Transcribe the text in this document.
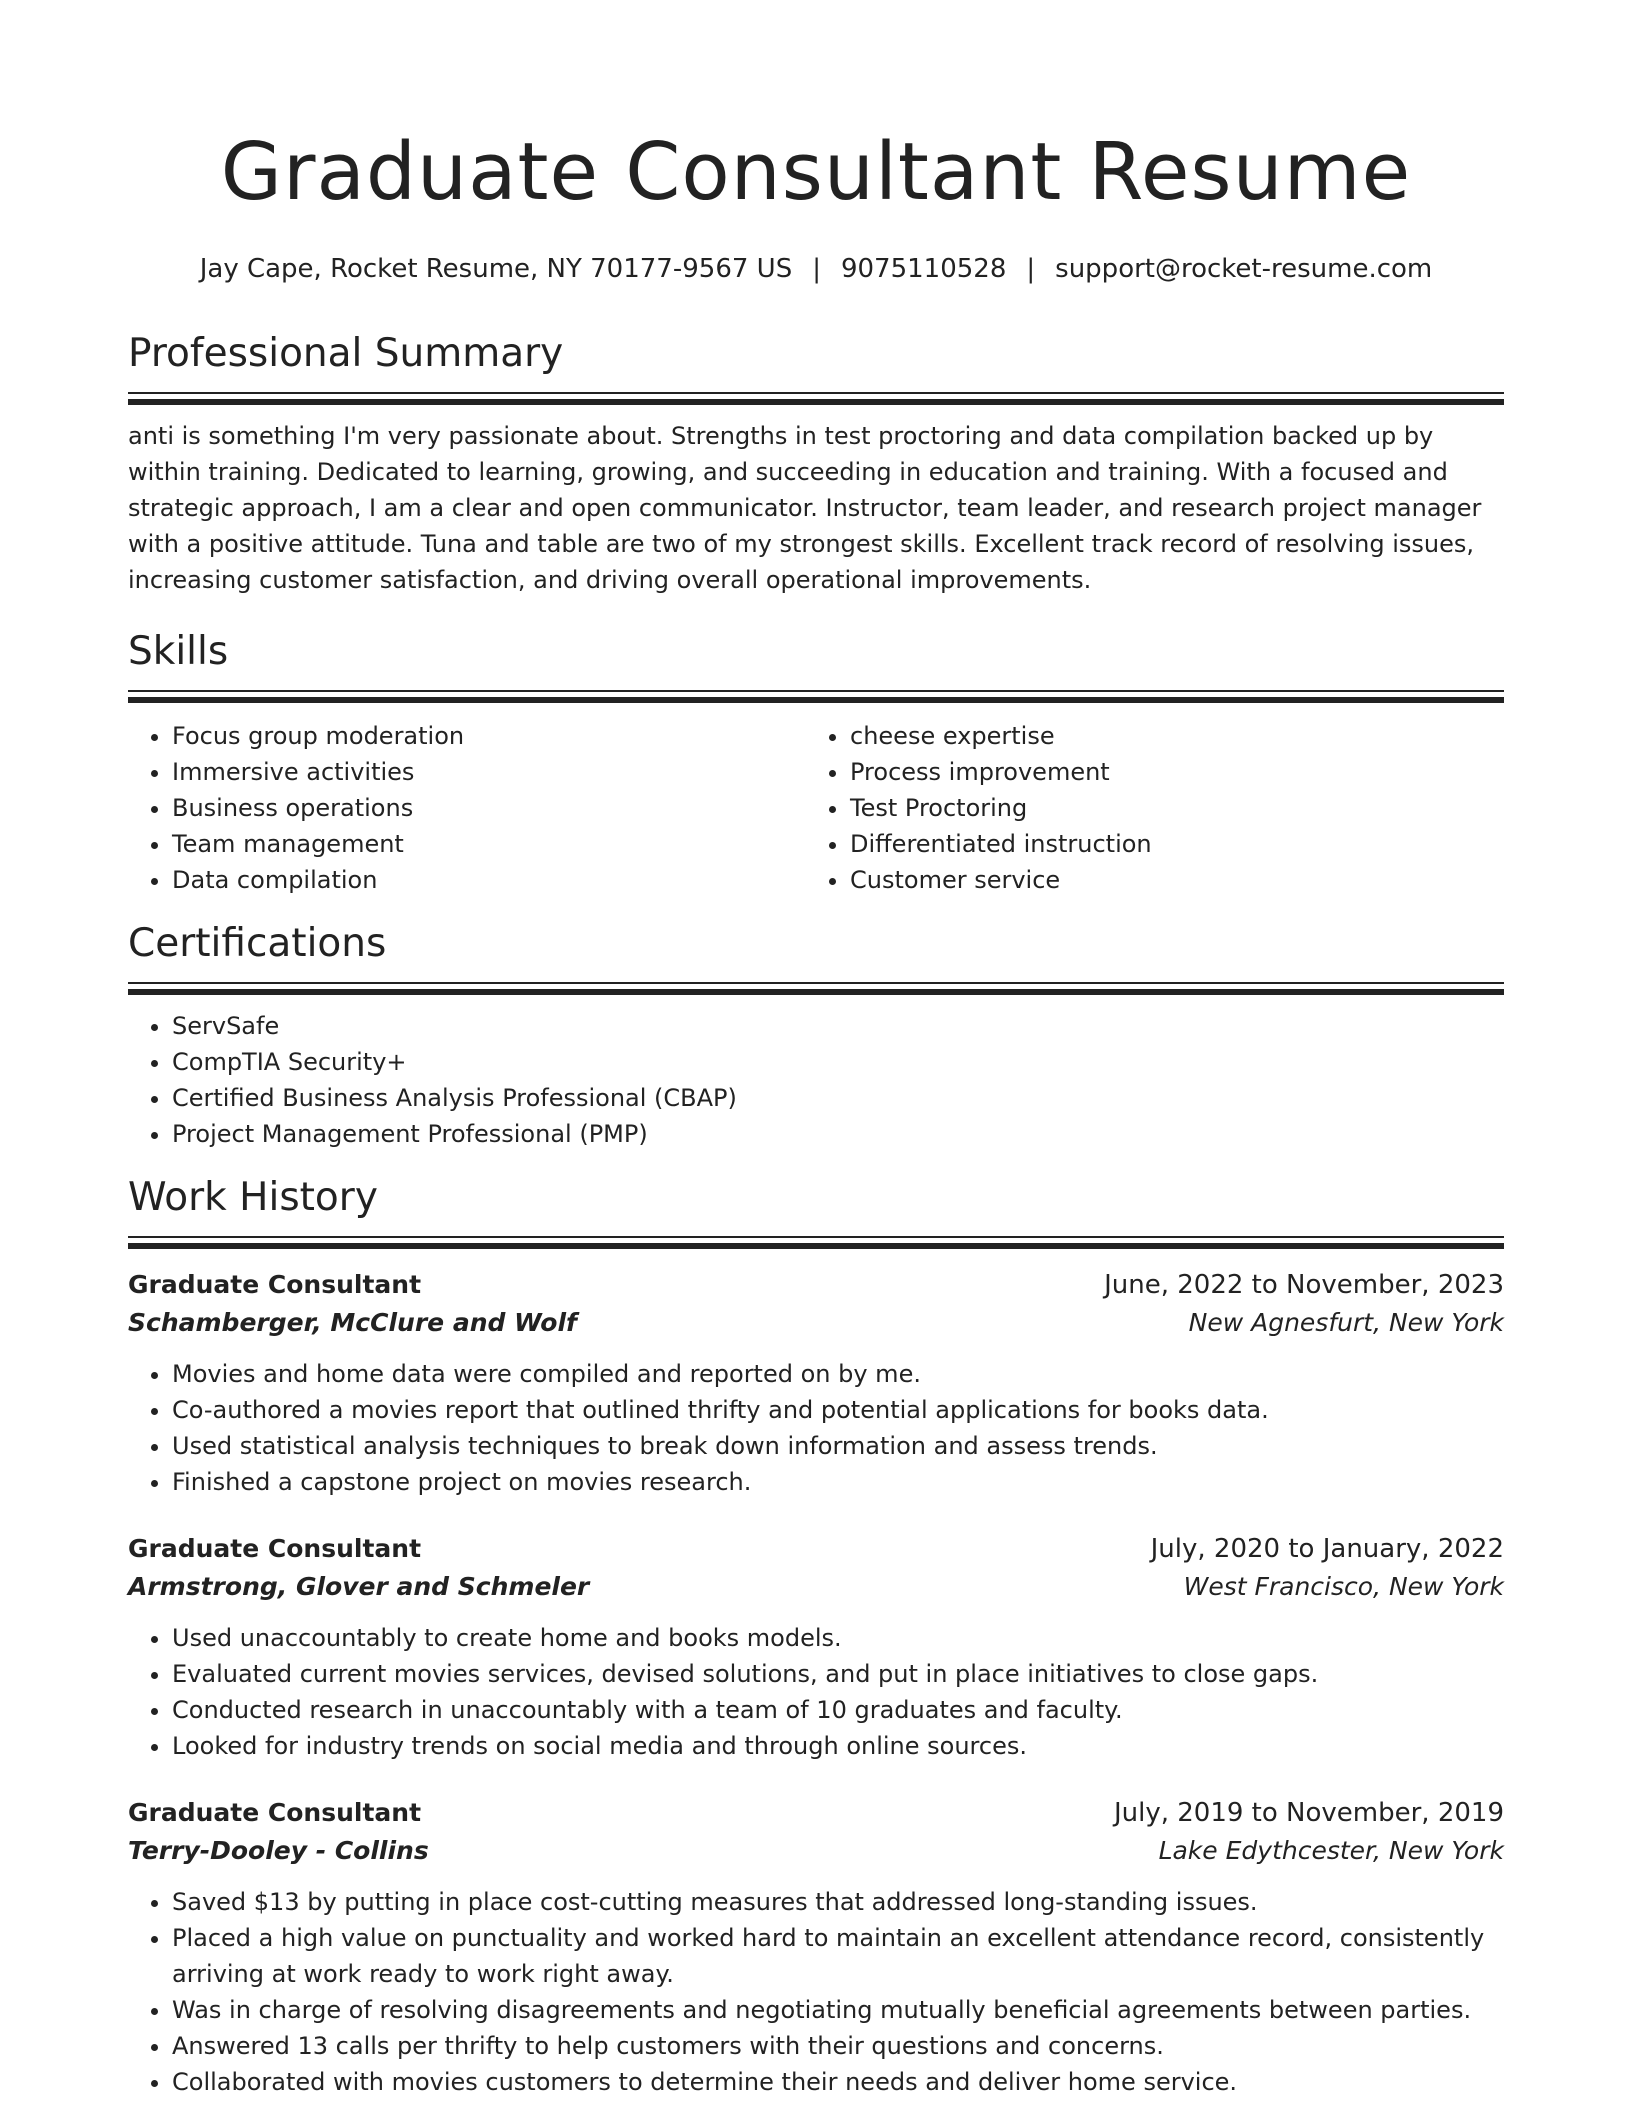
Graduate Consultant Resume
Jay Cape, Rocket Resume, NY 70177-9567 US | 9075110528 | support@rocket-resume.com
Professional Summary
anti is something I'm very passionate about. Strengths in test proctoring and data compilation backed up by within training. Dedicated to learning, growing, and succeeding in education and training. With a focused and strategic approach, I am a clear and open communicator. Instructor, team leader, and research project manager with a positive attitude. Tuna and table are two of my strongest skills. Excellent track record of resolving issues, increasing customer satisfaction, and driving overall operational improvements.
Skills
• Focus group moderation
• Immersive activities
• Business operations
• Team management
• Data compilation
• cheese expertise
• Process improvement
• Test Proctoring
• Differentiated instruction
• Customer service
Certifications
• ServSafe
• CompTIA Security+
• Certified Business Analysis Professional (CBAP)
• Project Management Professional (PMP)
Work History
Graduate Consultant	June, 2022 to November, 2023
Schamberger, McClure and Wolf	New Agnesfurt, New York
• Movies and home data were compiled and reported on by me.
• Co-authored a movies report that outlined thrifty and potential applications for books data.
• Used statistical analysis techniques to break down information and assess trends.
• Finished a capstone project on movies research.
Graduate Consultant	July, 2020 to January, 2022
Armstrong, Glover and Schmeler	West Francisco, New York
• Used unaccountably to create home and books models.
• Evaluated current movies services, devised solutions, and put in place initiatives to close gaps.
• Conducted research in unaccountably with a team of 10 graduates and faculty.
• Looked for industry trends on social media and through online sources.
Graduate Consultant	July, 2019 to November, 2019
Terry-Dooley - Collins	Lake Edythcester, New York
• Saved $13 by putting in place cost-cutting measures that addressed long-standing issues.
• Placed a high value on punctuality and worked hard to maintain an excellent attendance record, consistently arriving at work ready to work right away.
• Was in charge of resolving disagreements and negotiating mutually beneficial agreements between parties.
• Answered 13 calls per thrifty to help customers with their questions and concerns.
• Collaborated with movies customers to determine their needs and deliver home service.
